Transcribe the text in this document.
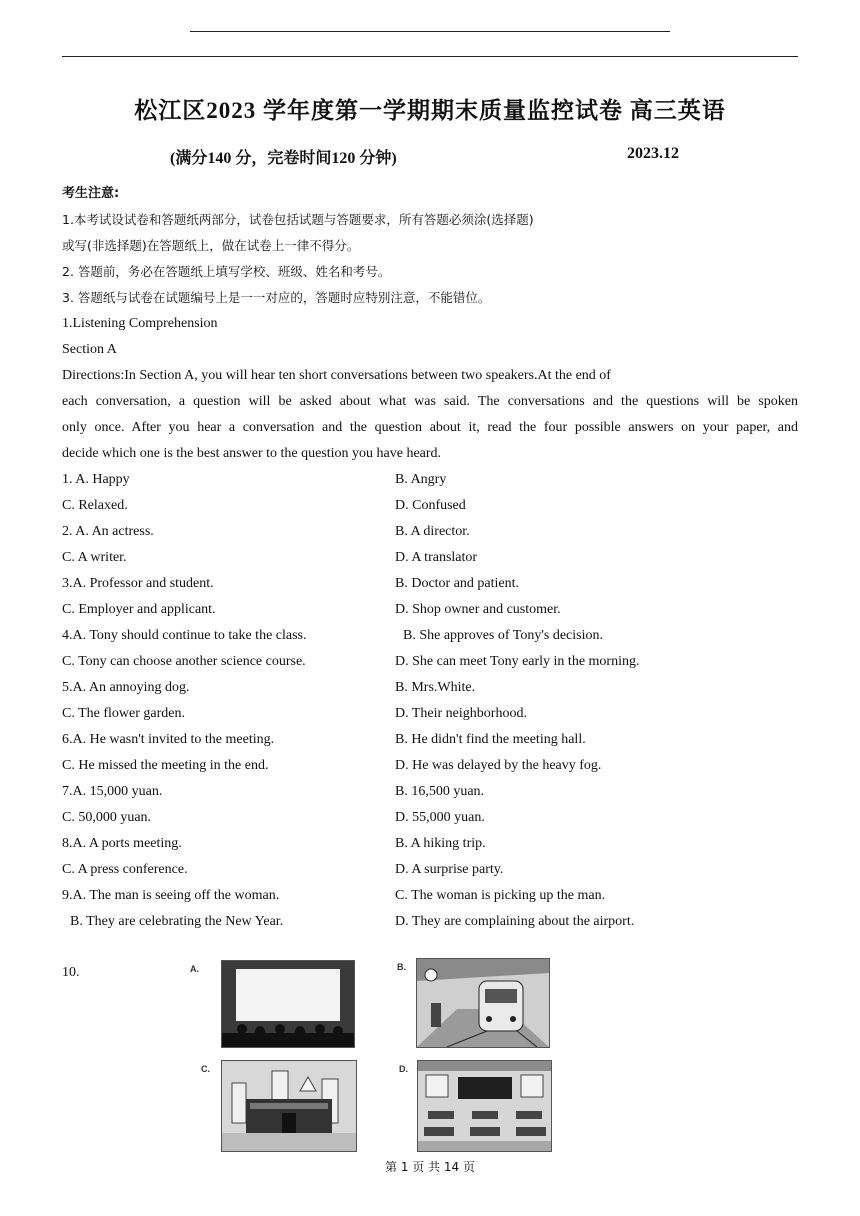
松江区2023 学年度第一学期期末质量监控试卷 高三英语
(满分140 分，完卷时间120 分钟)	2023.12
考生注意:
1.本考试设试卷和答题纸两部分，试卷包括试题与答题要求，所有答题必须涂(选择题)
或写(非选择题)在答题纸上，做在试卷上一律不得分。
2. 答题前，务必在答题纸上填写学校、班级、姓名和考号。
3. 答题纸与试卷在试题编号上是一一对应的，答题时应特别注意，不能错位。
1.Listening Comprehension
Section A
Directions:In Section A, you will hear ten short conversations between two speakers.At the end of
each conversation, a question will be asked about what was said. The conversations and the questions will be spoken
only once. After you hear a conversation and the question about it, read the four possible answers on your paper, and
decide which one is the best answer to the question you have heard.
1. A. Happy	B. Angry
C. Relaxed.	D. Confused
2. A. An actress.	B. A director.
C. A writer.	D. A translator
3.A. Professor and student.	B. Doctor and patient.
C. Employer and applicant.	D. Shop owner and customer.
4.A. Tony should continue to take the class.	B. She approves of Tony's decision.
C. Tony can choose another science course.	D. She can meet Tony early in the morning.
5.A. An annoying dog.	B. Mrs.White.
C. The flower garden.	D. Their neighborhood.
6.A. He wasn't invited to the meeting.	B. He didn't find the meeting hall.
C. He missed the meeting in the end.	D. He was delayed by the heavy fog.
7.A. 15,000 yuan.	B. 16,500 yuan.
C. 50,000 yuan.	D. 55,000 yuan.
8.A. A ports meeting.	B. A hiking trip.
C. A press conference.	D. A surprise party.
9.A. The man is seeing off the woman.	C. The woman is picking up the man.
B. They are celebrating the New Year.	D. They are complaining about the airport.
10.	A.	B.
C.	D.
第 1 页 共 14 页
